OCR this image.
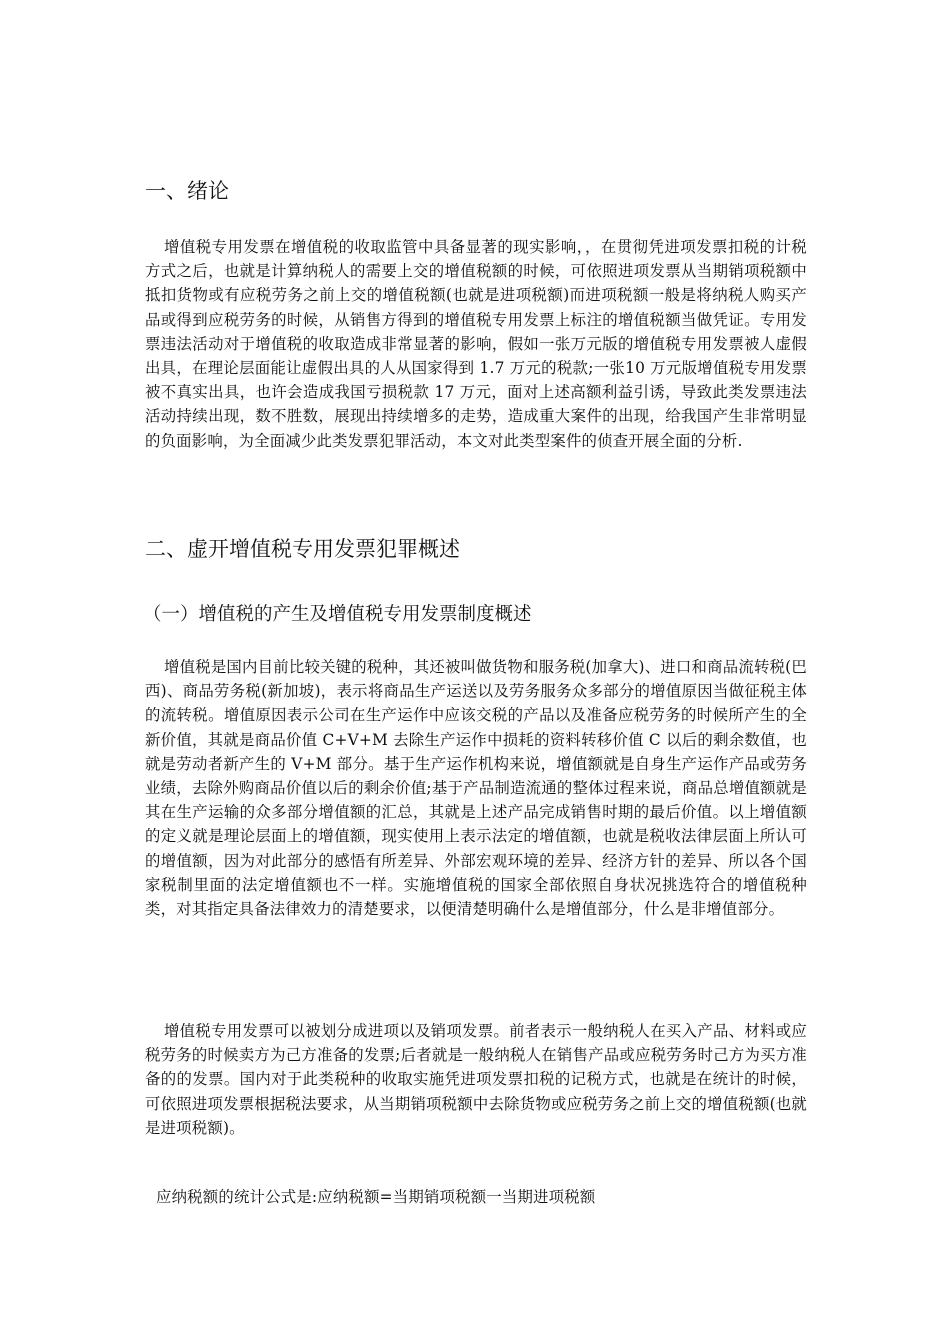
一、绪论

增值税专用发票在增值税的收取监管中具备显著的现实影响，，在贯彻凭进项发票扣税的计税方式之后，也就是计算纳税人的需要上交的增值税额的时候，可依照进项发票从当期销项税额中抵扣货物或有应税劳务之前上交的增值税额(也就是进项税额)而进项税额一般是将纳税人购买产品或得到应税劳务的时候，从销售方得到的增值税专用发票上标注的增值税额当做凭证。专用发票违法活动对于增值税的收取造成非常显著的影响，假如一张万元版的增值税专用发票被人虚假出具，在理论层面能让虚假出具的人从国家得到 1.7 万元的税款;一张10 万元版增值税专用发票被不真实出具，也许会造成我国亏损税款 17 万元，面对上述高额利益引诱，导致此类发票违法活动持续出现，数不胜数，展现出持续增多的走势，造成重大案件的出现，给我国产生非常明显的负面影响，为全面减少此类发票犯罪活动，本文对此类型案件的侦查开展全面的分析.

二、虚开增值税专用发票犯罪概述
（一）增值税的产生及增值税专用发票制度概述

增值税是国内目前比较关键的税种，其还被叫做货物和服务税(加拿大)、进口和商品流转税(巴西)、商品劳务税(新加坡)，表示将商品生产运送以及劳务服务众多部分的增值原因当做征税主体的流转税。增值原因表示公司在生产运作中应该交税的产品以及准备应税劳务的时候所产生的全新价值，其就是商品价值 C+V+M 去除生产运作中损耗的资料转移价值 C 以后的剩余数值，也就是劳动者新产生的 V+M 部分。基于生产运作机构来说，增值额就是自身生产运作产品或劳务业绩，去除外购商品价值以后的剩余价值;基于产品制造流通的整体过程来说，商品总增值额就是其在生产运输的众多部分增值额的汇总，其就是上述产品完成销售时期的最后价值。以上增值额的定义就是理论层面上的增值额，现实使用上表示法定的增值额，也就是税收法律层面上所认可的增值额，因为对此部分的感悟有所差异、外部宏观环境的差异、经济方针的差异、所以各个国家税制里面的法定增值额也不一样。实施增值税的国家全部依照自身状况挑选符合的增值税种类，对其指定具备法律效力的清楚要求，以便清楚明确什么是增值部分，什么是非增值部分。

增值税专用发票可以被划分成进项以及销项发票。前者表示一般纳税人在买入产品、材料或应税劳务的时候卖方为己方准备的发票;后者就是一般纳税人在销售产品或应税劳务时己方为买方准备的的发票。国内对于此类税种的收取实施凭进项发票扣税的记税方式，也就是在统计的时候，可依照进项发票根据税法要求，从当期销项税额中去除货物或应税劳务之前上交的增值税额(也就是进项税额)。

应纳税额的统计公式是:应纳税额=当期销项税额一当期进项税额
